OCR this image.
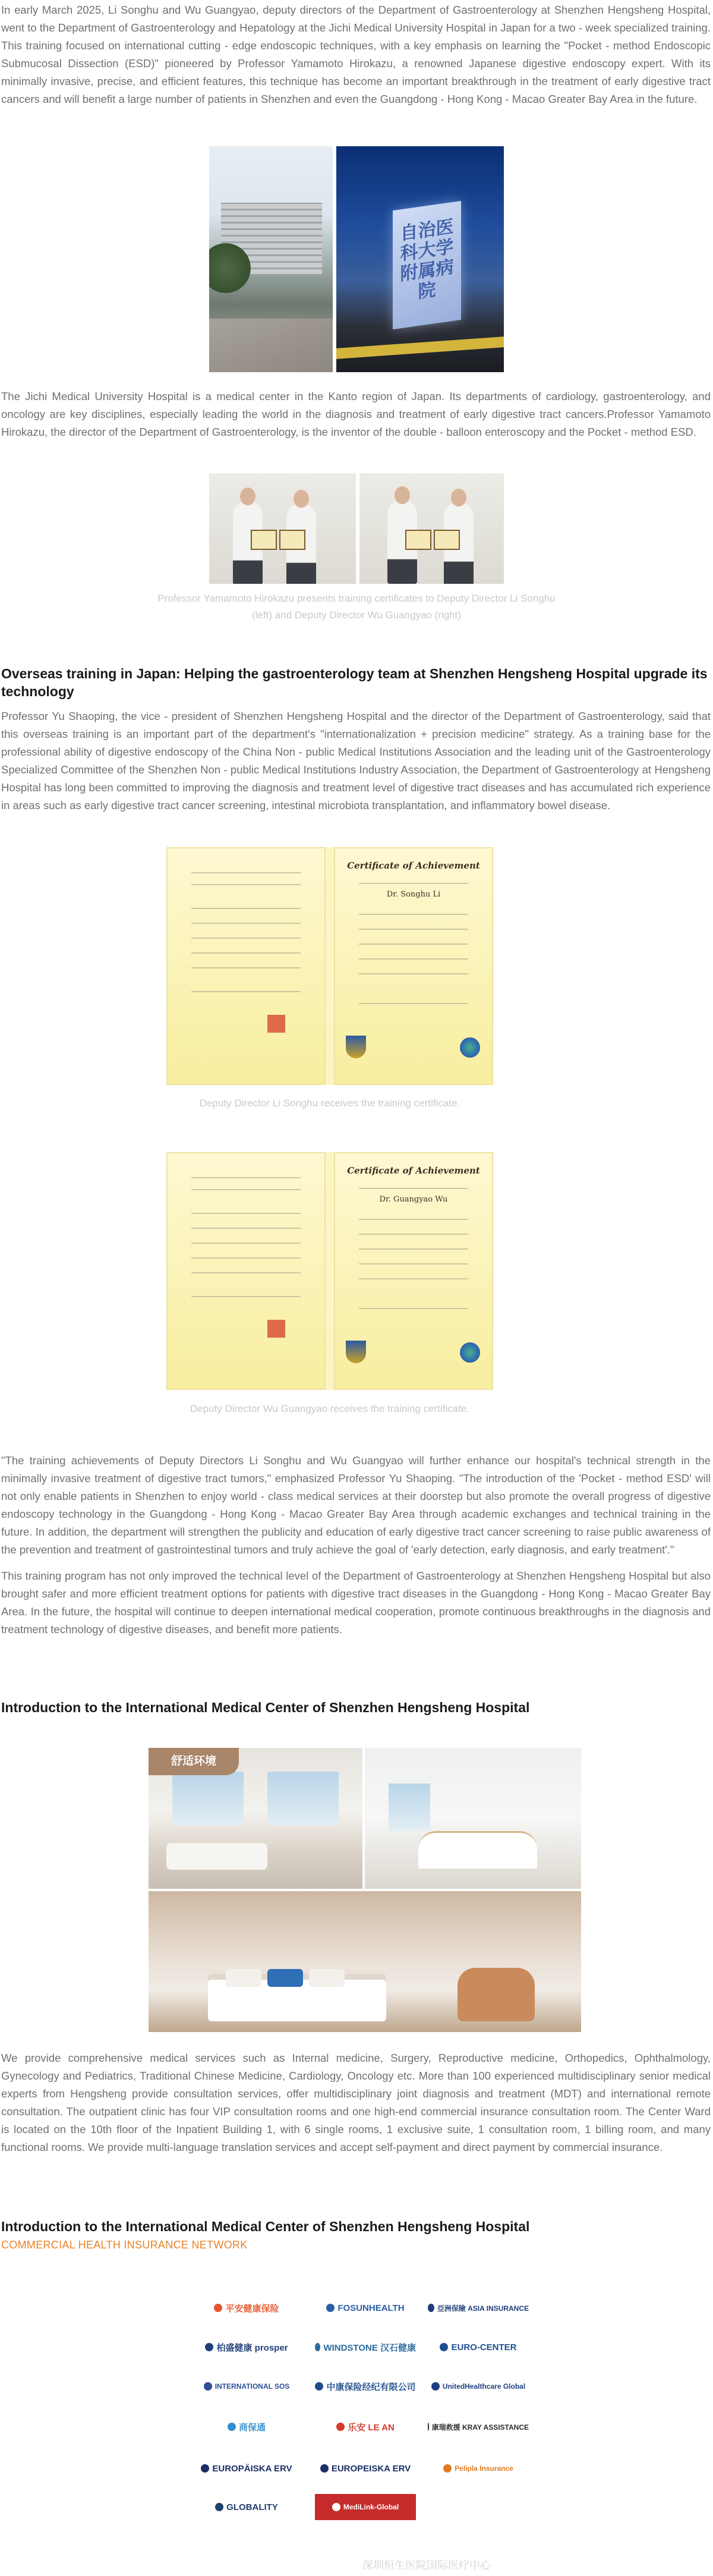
In early March 2025, Li Songhu and Wu Guangyao, deputy directors of the Department of Gastroenterology at Shenzhen Hengsheng Hospital, went to the Department of Gastroenterology and Hepatology at the Jichi Medical University Hospital in Japan for a two - week specialized training. This training focused on international cutting - edge endoscopic techniques, with a key emphasis on learning the "Pocket - method Endoscopic Submucosal Dissection (ESD)" pioneered by Professor Yamamoto Hirokazu, a renowned Japanese digestive endoscopy expert. With its minimally invasive, precise, and efficient features, this technique has become an important breakthrough in the treatment of early digestive tract cancers and will benefit a large number of patients in Shenzhen and even the Guangdong - Hong Kong - Macao Greater Bay Area in the future.

自治医科大学附属病院

The Jichi Medical University Hospital is a medical center in the Kanto region of Japan. Its departments of cardiology, gastroenterology, and oncology are key disciplines, especially leading the world in the diagnosis and treatment of early digestive tract cancers.Professor Yamamoto Hirokazu, the director of the Department of Gastroenterology, is the inventor of the double - balloon enteroscopy and the Pocket - method ESD.

Professor Yamamoto Hirokazu presents training certificates to Deputy Director Li Songhu (left) and Deputy Director Wu Guangyao (right)

Overseas training in Japan: Helping the gastroenterology team at Shenzhen Hengsheng Hospital upgrade its technology

Professor Yu Shaoping, the vice - president of Shenzhen Hengsheng Hospital and the director of the Department of Gastroenterology, said that this overseas training is an important part of the department's "internationalization + precision medicine" strategy. As a training base for the professional ability of digestive endoscopy of the China Non - public Medical Institutions Association and the leading unit of the Gastroenterology Specialized Committee of the Shenzhen Non - public Medical Institutions Industry Association, the Department of Gastroenterology at Hengsheng Hospital has long been committed to improving the diagnosis and treatment level of digestive tract diseases and has accumulated rich experience in areas such as early digestive tract cancer screening, intestinal microbiota transplantation, and inflammatory bowel disease.

Certificate of Achievement
Dr. Songhu Li

Deputy Director Li Songhu receives the training certificate.

Certificate of Achievement
Dr. Guangyao Wu

Deputy Director Wu Guangyao receives the training certificate.

"The training achievements of Deputy Directors Li Songhu and Wu Guangyao will further enhance our hospital's technical strength in the minimally invasive treatment of digestive tract tumors," emphasized Professor Yu Shaoping. "The introduction of the 'Pocket - method ESD' will not only enable patients in Shenzhen to enjoy world - class medical services at their doorstep but also promote the overall progress of digestive endoscopy technology in the Guangdong - Hong Kong - Macao Greater Bay Area through academic exchanges and technical training in the future. In addition, the department will strengthen the publicity and education of early digestive tract cancer screening to raise public awareness of the prevention and treatment of gastrointestinal tumors and truly achieve the goal of 'early detection, early diagnosis, and early treatment'."

This training program has not only improved the technical level of the Department of Gastroenterology at Shenzhen Hengsheng Hospital but also brought safer and more efficient treatment options for patients with digestive tract diseases in the Guangdong - Hong Kong - Macao Greater Bay Area. In the future, the hospital will continue to deepen international medical cooperation, promote continuous breakthroughs in the diagnosis and treatment technology of digestive diseases, and benefit more patients.

Introduction to the International Medical Center of Shenzhen Hengsheng Hospital
舒适环境

We provide comprehensive medical services such as Internal medicine, Surgery, Reproductive medicine, Orthopedics, Ophthalmology, Gynecology and Pediatrics, Traditional Chinese Medicine, Cardiology, Oncology etc. More than 100 experienced multidisciplinary senior medical experts from Hengsheng provide consultation services, offer multidisciplinary joint diagnosis and treatment (MDT) and international remote consultation. The outpatient clinic has four VIP consultation rooms and one high-end commercial insurance consultation room. The Center Ward is located on the 10th floor of the Inpatient Building 1, with 6 single rooms, 1 exclusive suite, 1 consultation room, 1 billing room, and many functional rooms. We provide multi-language translation services and accept self-payment and direct payment by commercial insurance.

Introduction to the International Medical Center of Shenzhen Hengsheng Hospital

COMMERCIAL HEALTH INSURANCE NETWORK

平安健康保险	FOSUNHEALTH	亞洲保險 ASIA INSURANCE
柏盛健康 prosper	WINDSTONE 汉石健康	EURO-CENTER
INTERNATIONAL SOS	中康保险经纪有限公司	UnitedHealthcare Global
商保通	乐安 LE AN	康瑞救援 KRAY ASSISTANCE
EUROPÄISKA ERV	EUROPEISKA ERV	Pelipla Insurance
GLOBALITY	MediLink-Global
深圳恒生医院国际医疗中心
